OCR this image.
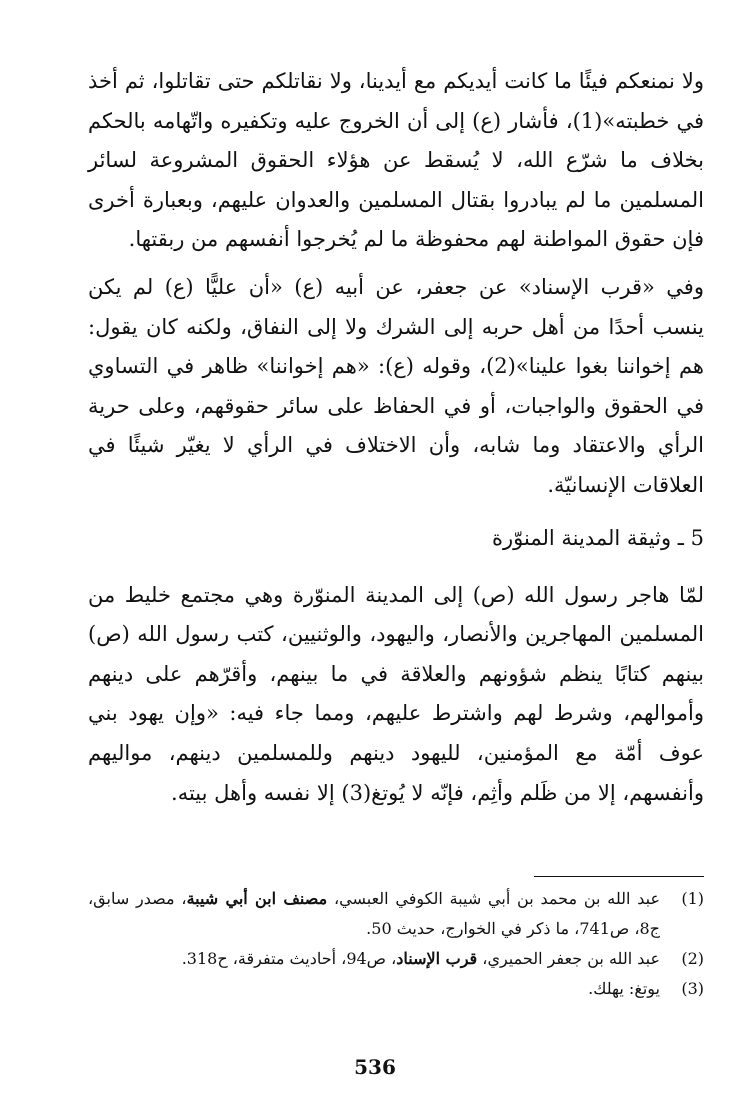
ولا نمنعكم فيئًا ما كانت أيديكم مع أيدينا، ولا نقاتلكم حتى تقاتلوا، ثم أخذ في خطبته»(1)، فأشار (ع) إلى أن الخروج عليه وتكفيره واتّهامه بالحكم بخلاف ما شرّع الله، لا يُسقط عن هؤلاء الحقوق المشروعة لسائر المسلمين ما لم يبادروا بقتال المسلمين والعدوان عليهم، وبعبارة أخرى فإن حقوق المواطنة لهم محفوظة ما لم يُخرجوا أنفسهم من ربقتها.

وفي «قرب الإسناد» عن جعفر، عن أبيه (ع) «أن عليًّا (ع) لم يكن ينسب أحدًا من أهل حربه إلى الشرك ولا إلى النفاق، ولكنه كان يقول: هم إخواننا بغوا علينا»(2)، وقوله (ع): «هم إخواننا» ظاهر في التساوي في الحقوق والواجبات، أو في الحفاظ على سائر حقوقهم، وعلى حرية الرأي والاعتقاد وما شابه، وأن الاختلاف في الرأي لا يغيّر شيئًا في العلاقات الإنسانيّة.

5 ـ وثيقة المدينة المنوّرة

لمّا هاجر رسول الله (ص) إلى المدينة المنوّرة وهي مجتمع خليط من المسلمين المهاجرين والأنصار، واليهود، والوثنيين، كتب رسول الله (ص) بينهم كتابًا ينظم شؤونهم والعلاقة في ما بينهم، وأقرّهم على دينهم وأموالهم، وشرط لهم واشترط عليهم، ومما جاء فيه: «وإن يهود بني عوف أمّة مع المؤمنين، لليهود دينهم وللمسلمين دينهم، مواليهم وأنفسهم، إلا من ظَلم وأثِم، فإنّه لا يُوتغ(3) إلا نفسه وأهل بيته.

(1)
عبد الله بن محمد بن أبي شيبة الكوفي العبسي، مصنف ابن أبي شيبة، مصدر سابق، ج8، ص741، ما ذكر في الخوارج، حديث 50.
(2)
عبد الله بن جعفر الحميري، قرب الإسناد، ص94، أحاديث متفرقة، ح318.
(3)
يوتغ: يهلك.
536
